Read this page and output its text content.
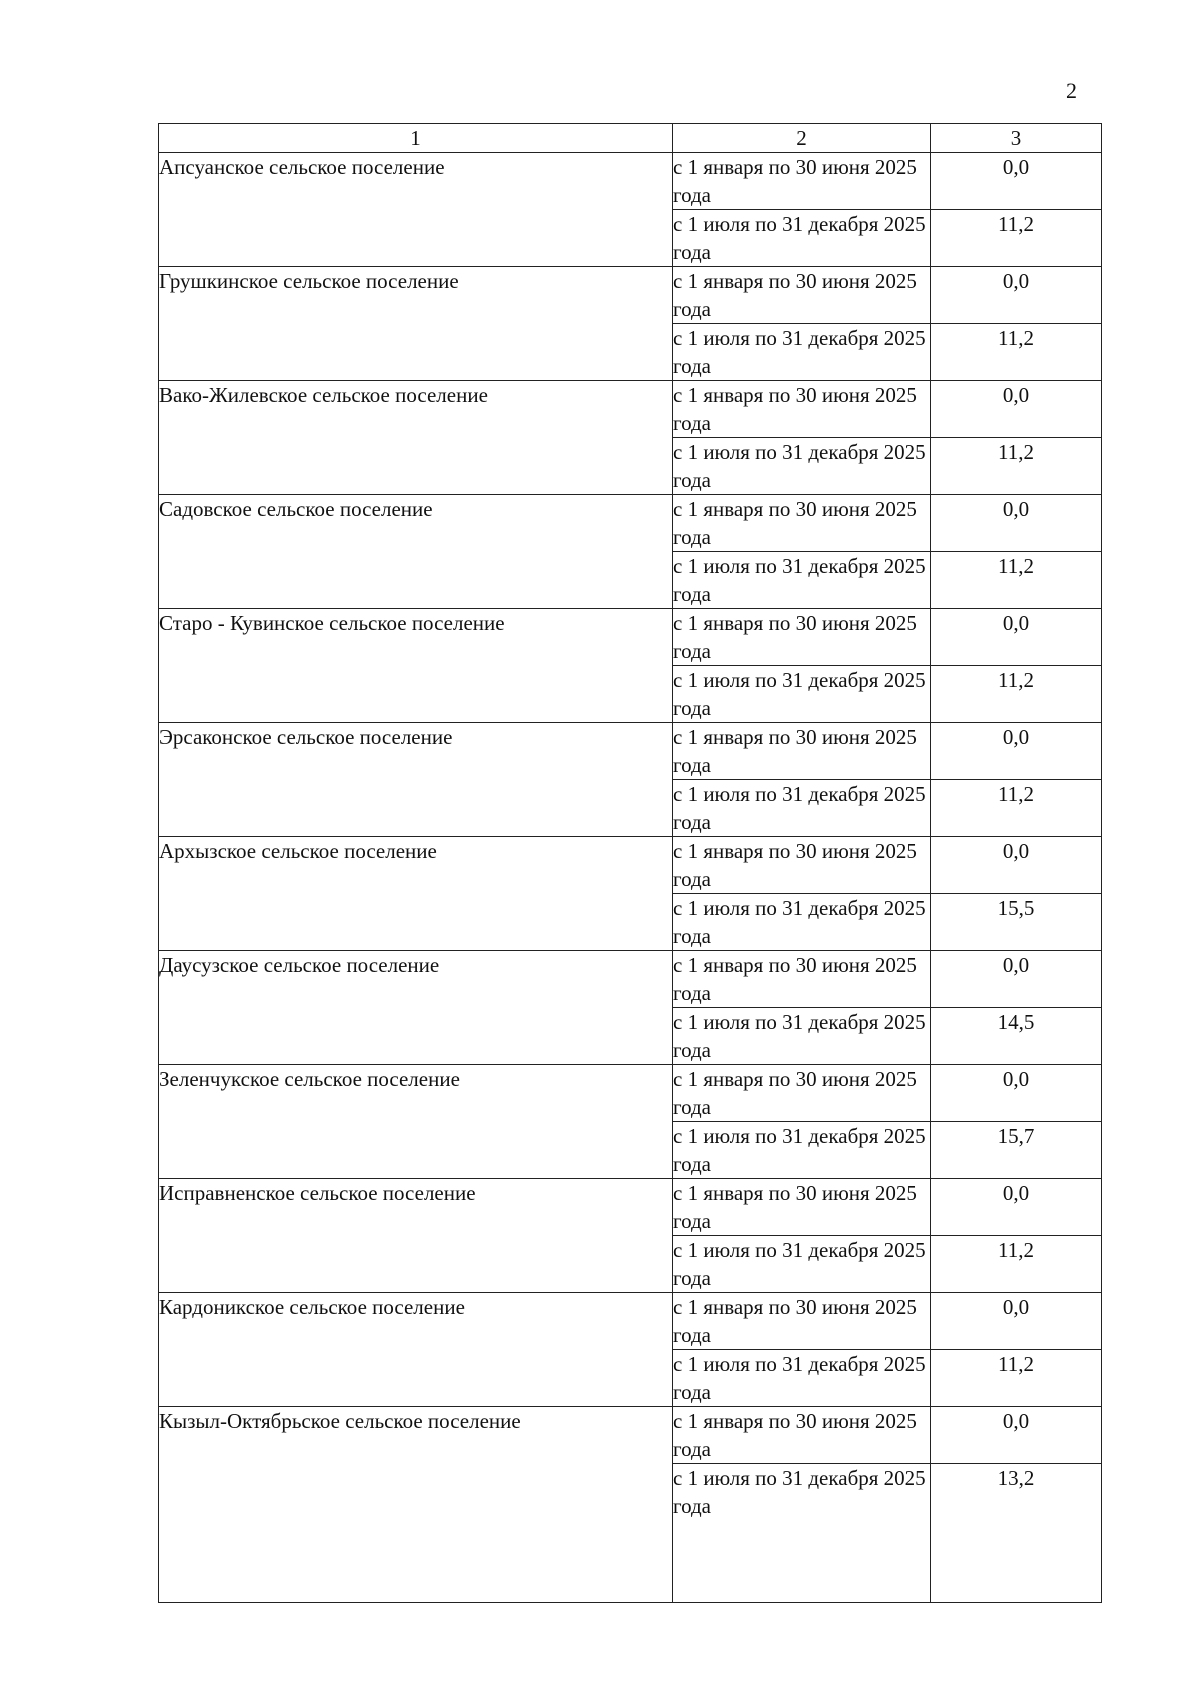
2
1	2	3
Апсуанское сельское поселение	с 1 января по 30 июня 2025 года	0,0
	с 1 июля по 31 декабря 2025 года	11,2
Грушкинское сельское поселение	с 1 января по 30 июня 2025 года	0,0
	с 1 июля по 31 декабря 2025 года	11,2
Вако-Жилевское сельское поселение	с 1 января по 30 июня 2025 года	0,0
	с 1 июля по 31 декабря 2025 года	11,2
Садовское сельское поселение	с 1 января по 30 июня 2025 года	0,0
	с 1 июля по 31 декабря 2025 года	11,2
Старо - Кувинское сельское поселение	с 1 января по 30 июня 2025 года	0,0
	с 1 июля по 31 декабря 2025 года	11,2
Эрсаконское сельское поселение	с 1 января по 30 июня 2025 года	0,0
	с 1 июля по 31 декабря 2025 года	11,2
Архызское сельское поселение	с 1 января по 30 июня 2025 года	0,0
	с 1 июля по 31 декабря 2025 года	15,5
Даусузское сельское поселение	с 1 января по 30 июня 2025 года	0,0
	с 1 июля по 31 декабря 2025 года	14,5
Зеленчукское сельское поселение	с 1 января по 30 июня 2025 года	0,0
	с 1 июля по 31 декабря 2025 года	15,7
Исправненское сельское поселение	с 1 января по 30 июня 2025 года	0,0
	с 1 июля по 31 декабря 2025 года	11,2
Кардоникское сельское поселение	с 1 января по 30 июня 2025 года	0,0
	с 1 июля по 31 декабря 2025 года	11,2
Кызыл-Октябрьское сельское поселение	с 1 января по 30 июня 2025 года	0,0
	с 1 июля по 31 декабря 2025 года	13,2
